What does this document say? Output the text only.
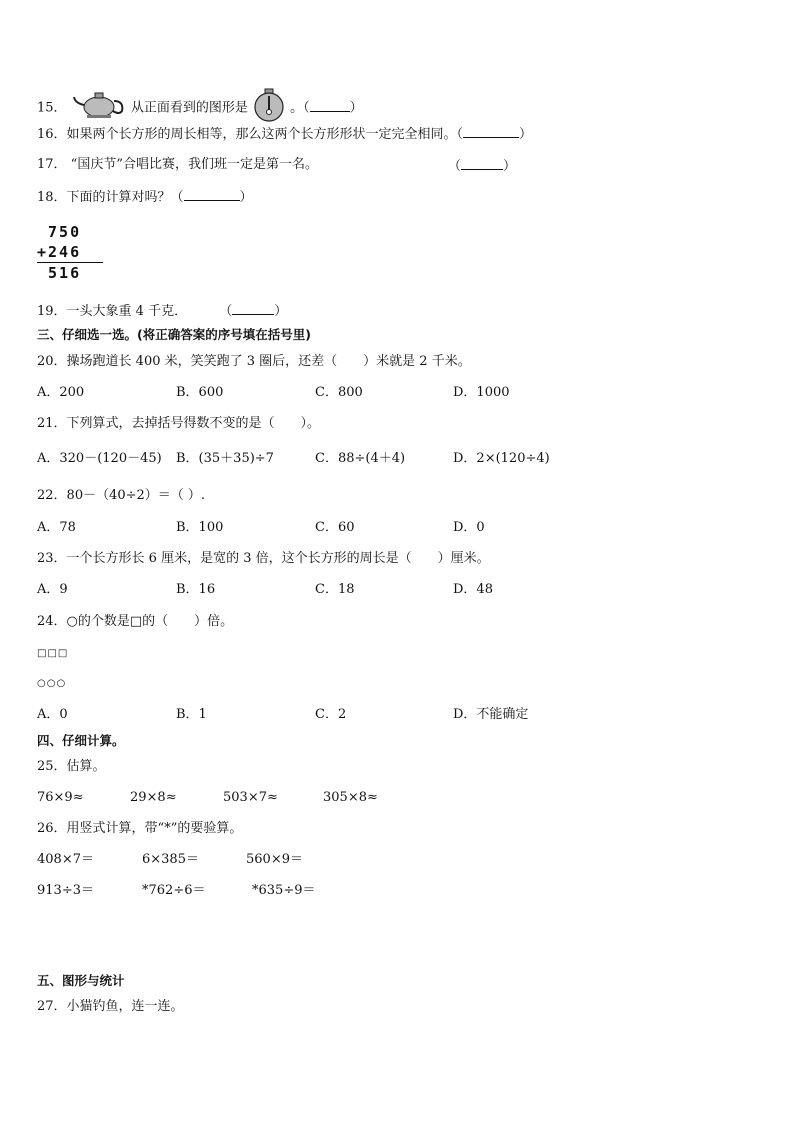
15．	从正面看到的图形是	。（	）
16．如果两个长方形的周长相等，那么这两个长方形形状一定完全相同。（	）
17． “国庆节”合唱比赛，我们班一定是第一名。	（	）
18．下面的计算对吗？（	）
750
+246
516
19．一头大象重 4 千克． （	）
三、仔细选一选。(将正确答案的序号填在括号里)
20．操场跑道长 400 米，笑笑跑了 3 圈后，还差（　　）米就是 2 千米。
A．200	B．600	C．800	D．1000
21．下列算式，去掉括号得数不变的是（　　）。
A．320－(120－45) B．(35＋35)÷7	C．88÷(4＋4)	D．2×(120÷4)
22．80－（40÷2）＝（ ）.
A．78	B．100	C．60	D．0
23．一个长方形长 6 厘米，是宽的 3 倍，这个长方形的周长是（　　）厘米。
A．9	B．16	C．18	D．48
24．○的个数是□的（　　）倍。
□□□
○○○
A．0	B．1	C．2	D．不能确定
四、仔细计算。
25．估算。
76×9≈	29×8≈	503×7≈	305×8≈
26．用竖式计算，带“*”的要验算。
408×7＝	6×385＝	560×9＝
913÷3＝	*762÷6＝	*635÷9＝
五、图形与统计
27．小猫钓鱼，连一连。
